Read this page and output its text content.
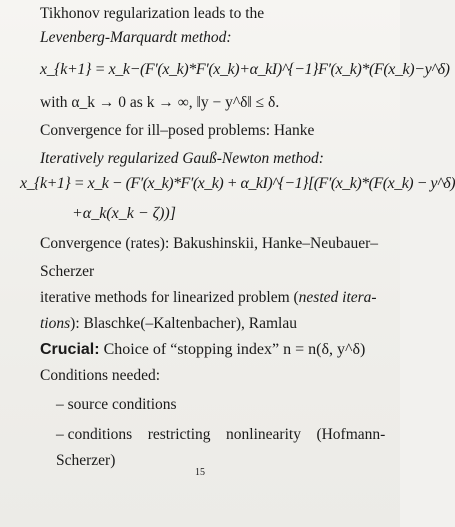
Tikhonov regularization leads to the
Levenberg-Marquardt method:
x_{k+1} = x_k−(F′(x_k)*F′(x_k)+α_kI)^{−1}F′(x_k)*(F(x_k)−y^δ)
with α_k → 0 as k → ∞, ‖y − y^δ‖ ≤ δ.
Convergence for ill–posed problems: Hanke
Iteratively regularized Gauß-Newton method:
x_{k+1} = x_k − (F′(x_k)*F′(x_k) + α_kI)^{−1}[(F′(x_k)*(F(x_k) − y^δ)
+α_k(x_k − ζ))]
Convergence (rates): Bakushinskii, Hanke–Neubauer–
Scherzer
iterative methods for linearized problem (nested itera-
tions): Blaschke(–Kaltenbacher), Ramlau
Crucial: Choice of “stopping index” n = n(δ, y^δ)
Conditions needed:
– source conditions
– conditions    restricting    nonlinearity    (Hofmann-
Scherzer)
15
